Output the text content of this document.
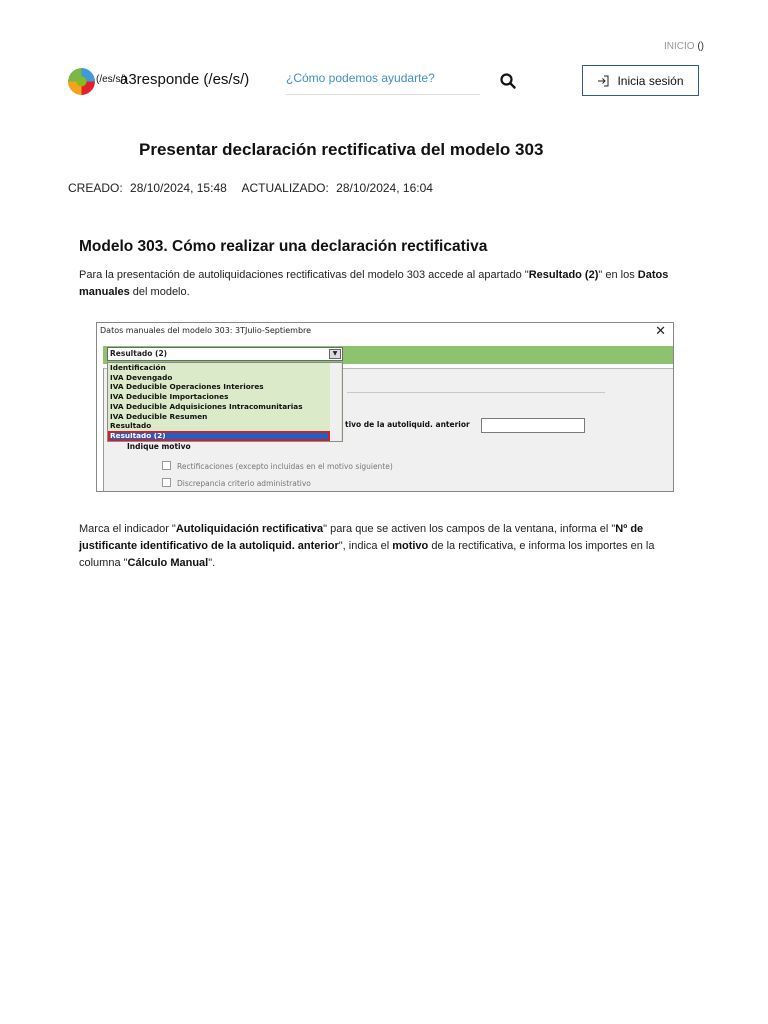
INICIO ()
(/es/s/)
a3responde (/es/s/)	¿Cómo podemos ayudarte?	Inicia sesión
Presentar declaración rectificativa del modelo 303
CREADO: 28/10/2024, 15:48 ACTUALIZADO: 28/10/2024, 16:04
Modelo 303. Cómo realizar una declaración rectificativa
Para la presentación de autoliquidaciones rectificativas del modelo 303 accede al apartado "Resultado (2)" en los Datos manuales del modelo.
Datos manuales del modelo 303: 3TJulio-Septiembre	✕
Resultado (2)	▼
Identificación
IVA Devengado
IVA Deducible Operaciones Interiores
IVA Deducible Importaciones
IVA Deducible Adquisiciones Intracomunitarias
IVA Deducible Resumen
Resultado
Resultado (2)
tivo de la autoliquid. anterior
Indique motivo
Rectificaciones (excepto incluidas en el motivo siguiente)
Discrepancia criterio administrativo
Marca el indicador "Autoliquidación rectificativa" para que se activen los campos de la ventana, informa el "Nº de justificante identificativo de la autoliquid. anterior", indica el motivo de la rectificativa, e informa los importes en la columna "Cálculo Manual".
